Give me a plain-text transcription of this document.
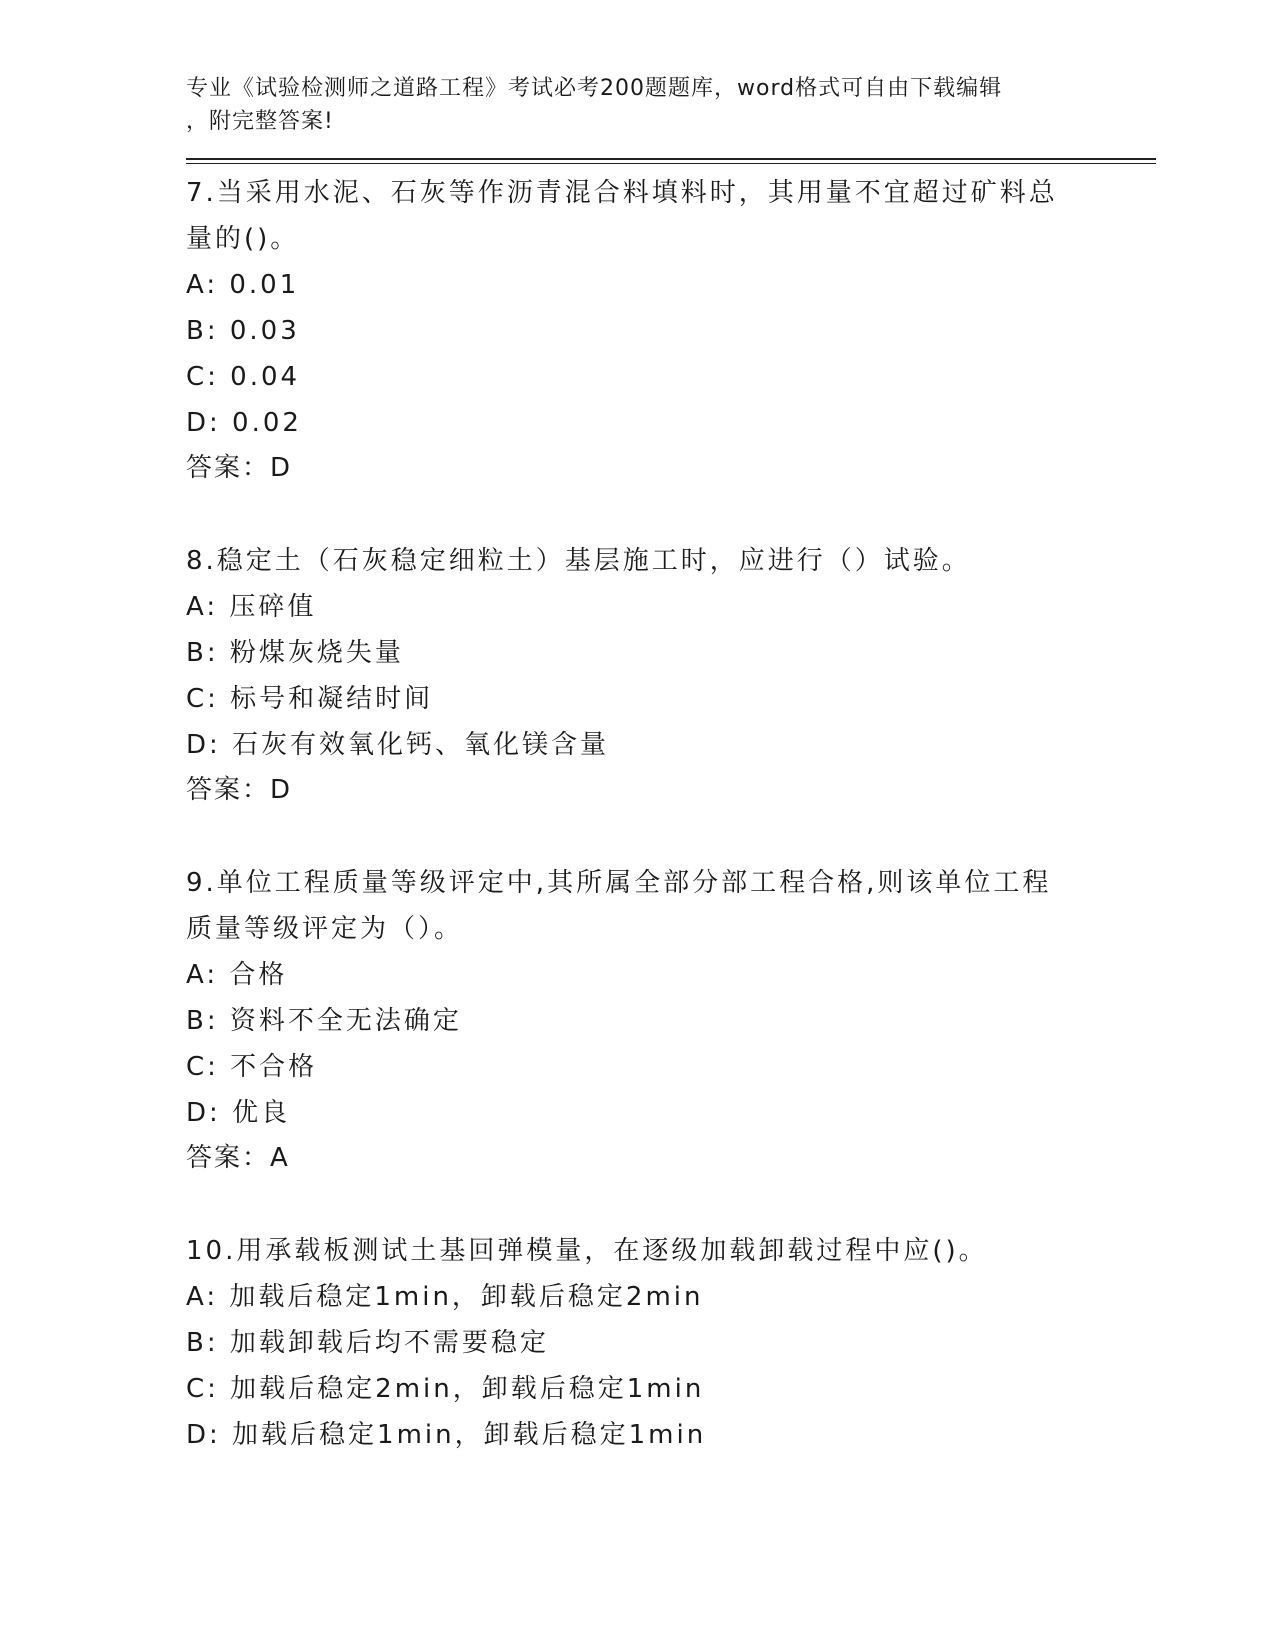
专业《试验检测师之道路工程》考试必考200题题库，word格式可自由下载编辑
，附完整答案!
7.当采用水泥、石灰等作沥青混合料填料时，其用量不宜超过矿料总量的()。
A: 0.01
B: 0.03
C: 0.04
D: 0.02
答案：D
8.稳定土（石灰稳定细粒土）基层施工时，应进行（）试验。
A: 压碎值
B: 粉煤灰烧失量
C: 标号和凝结时间
D: 石灰有效氧化钙、氧化镁含量
答案：D
9.单位工程质量等级评定中,其所属全部分部工程合格,则该单位工程质量等级评定为（）。
A: 合格
B: 资料不全无法确定
C: 不合格
D: 优良
答案：A
10.用承载板测试土基回弹模量，在逐级加载卸载过程中应()。
A: 加载后稳定1min，卸载后稳定2min
B: 加载卸载后均不需要稳定
C: 加载后稳定2min，卸载后稳定1min
D: 加载后稳定1min，卸载后稳定1min
